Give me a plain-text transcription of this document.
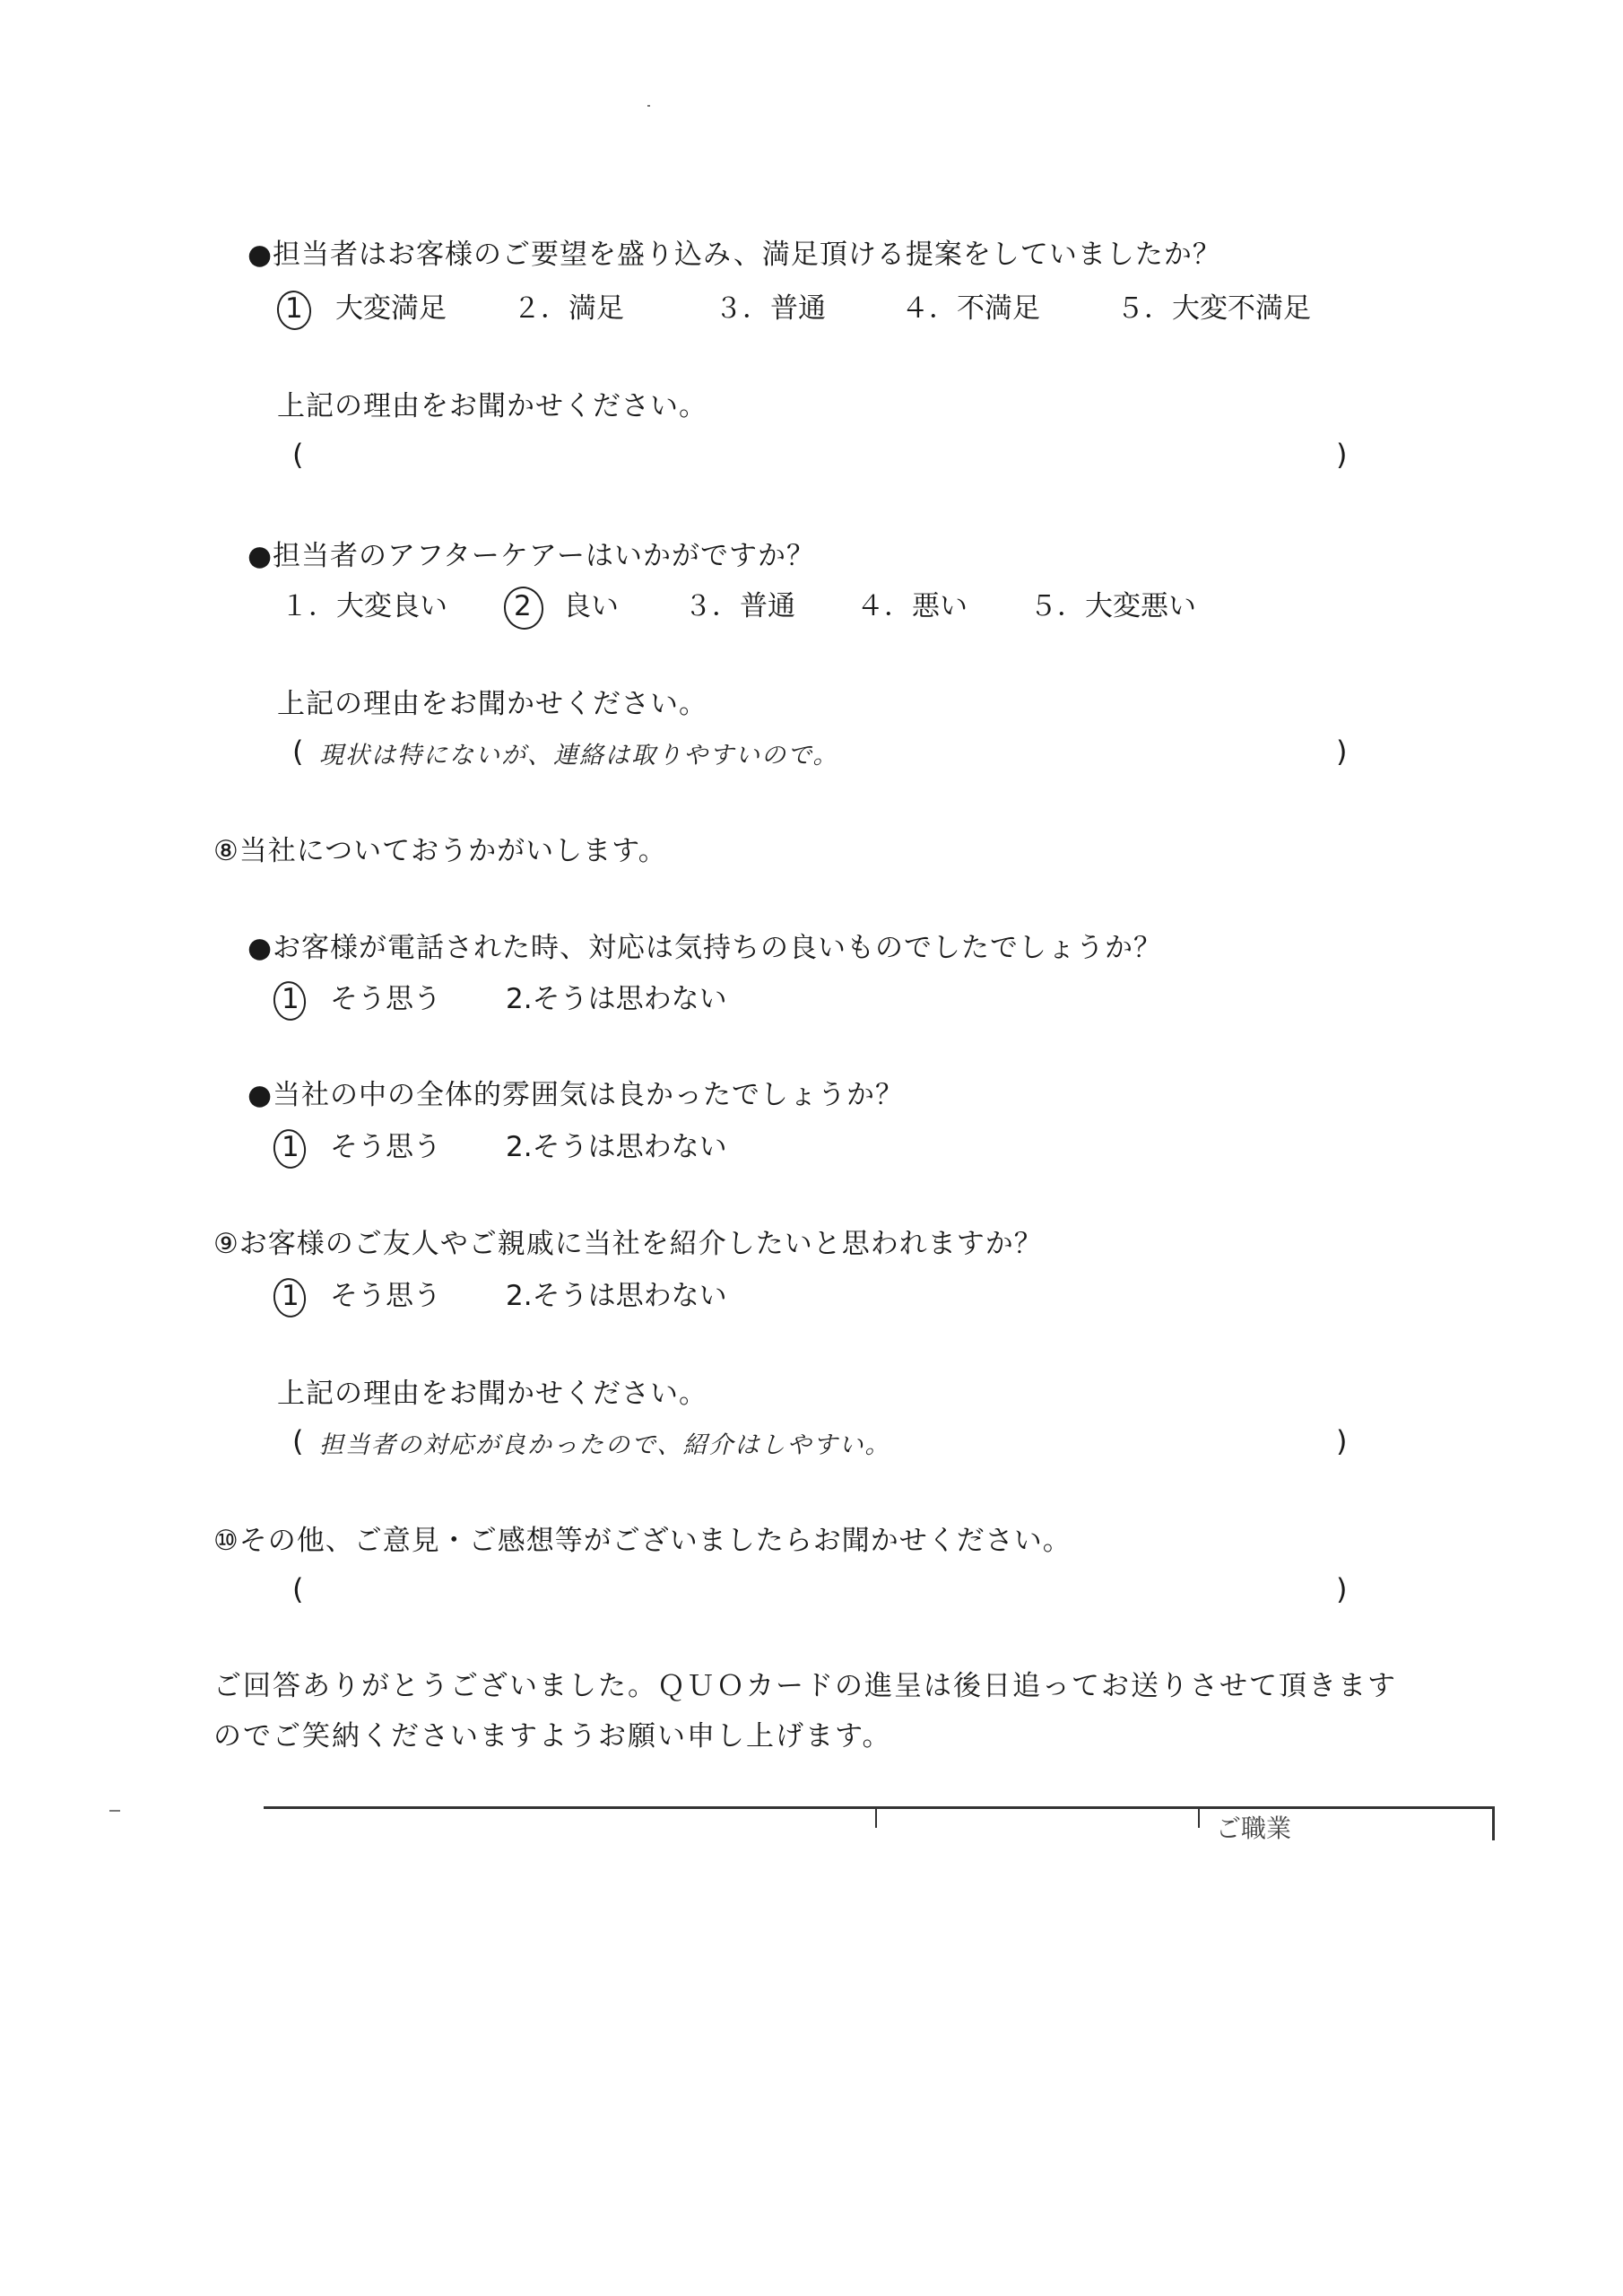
●担当者はお客様のご要望を盛り込み、満足頂ける提案をしていましたか？
1 大変満足 ２．満足	３．普通	４．不満足	５．大変不満足
上記の理由をお聞かせください。
(	)
●担当者のアフターケアーはいかがですか？
１．大変良い 2 良い ３．普通 ４．悪い ５．大変悪い
上記の理由をお聞かせください。
( 現状は特にないが、連絡は取りやすいので。	)
⑧当社についておうかがいします。
●お客様が電話された時、対応は気持ちの良いものでしたでしょうか？
1 そう思う 2.そうは思わない
●当社の中の全体的雰囲気は良かったでしょうか？
1 そう思う 2.そうは思わない
⑨お客様のご友人やご親戚に当社を紹介したいと思われますか？
1 そう思う 2.そうは思わない
上記の理由をお聞かせください。
( 担当者の対応が良かったので、紹介はしやすい。	)
⑩その他、ご意見・ご感想等がございましたらお聞かせください。
(	)
ご回答ありがとうございました。ＱＵＯカードの進呈は後日追ってお送りさせて頂きます
のでご笑納くださいますようお願い申し上げます。
ご職業
